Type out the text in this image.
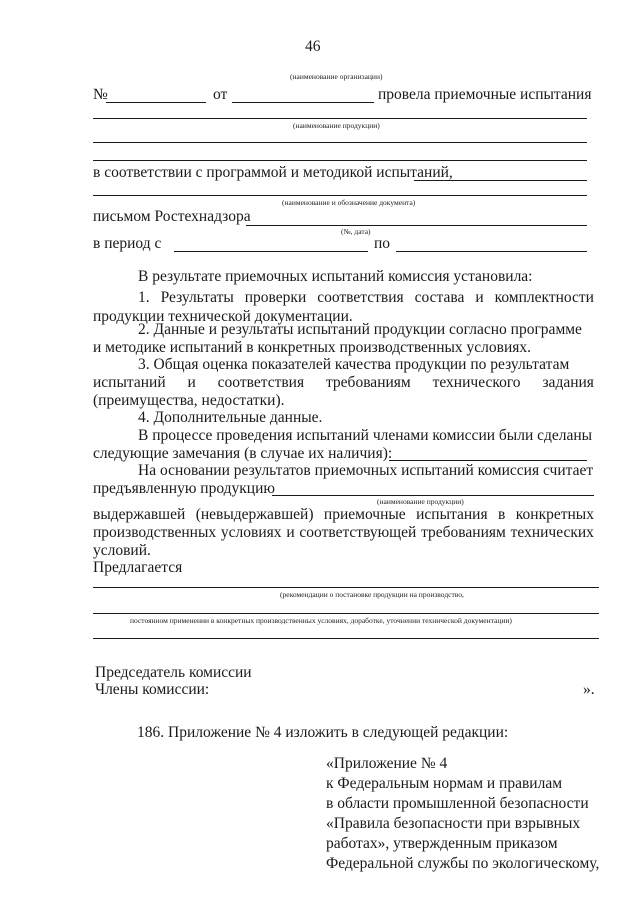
46
(наименование организации)
№	от	провела приемочные испытания
(наименование продукции)
в соответствии с программой и методикой испытаний,
(наименование и обозначение документа)
письмом Ростехнадзора
(№, дата)
в период с	по
В результате приемочных испытаний комиссия установила:
1. Результаты проверки соответствия состава и комплектности
продукции технической документации.
2. Данные и результаты испытаний продукции согласно программе
и методике испытаний в конкретных производственных условиях.
3. Общая оценка показателей качества продукции по результатам
испытаний и соответствия требованиям технического задания
(преимущества, недостатки).
4. Дополнительные данные.
В процессе проведения испытаний членами комиссии были сделаны
следующие замечания (в случае их наличия):
На основании результатов приемочных испытаний комиссия считает
предъявленную продукцию
(наименование продукции)
выдержавшей (невыдержавшей) приемочные испытания в конкретных
производственных условиях и соответствующей требованиям технических
условий.
Предлагается
(рекомендации о постановке продукции на производство,
постоянном применении в конкретных производственных условиях, доработке, уточнении технической документации)
Председатель комиссии
Члены комиссии:	».
186. Приложение № 4 изложить в следующей редакции:
«Приложение № 4
к Федеральным нормам и правилам
в области промышленной безопасности
«Правила безопасности при взрывных
работах», утвержденным приказом
Федеральной службы по экологическому,
